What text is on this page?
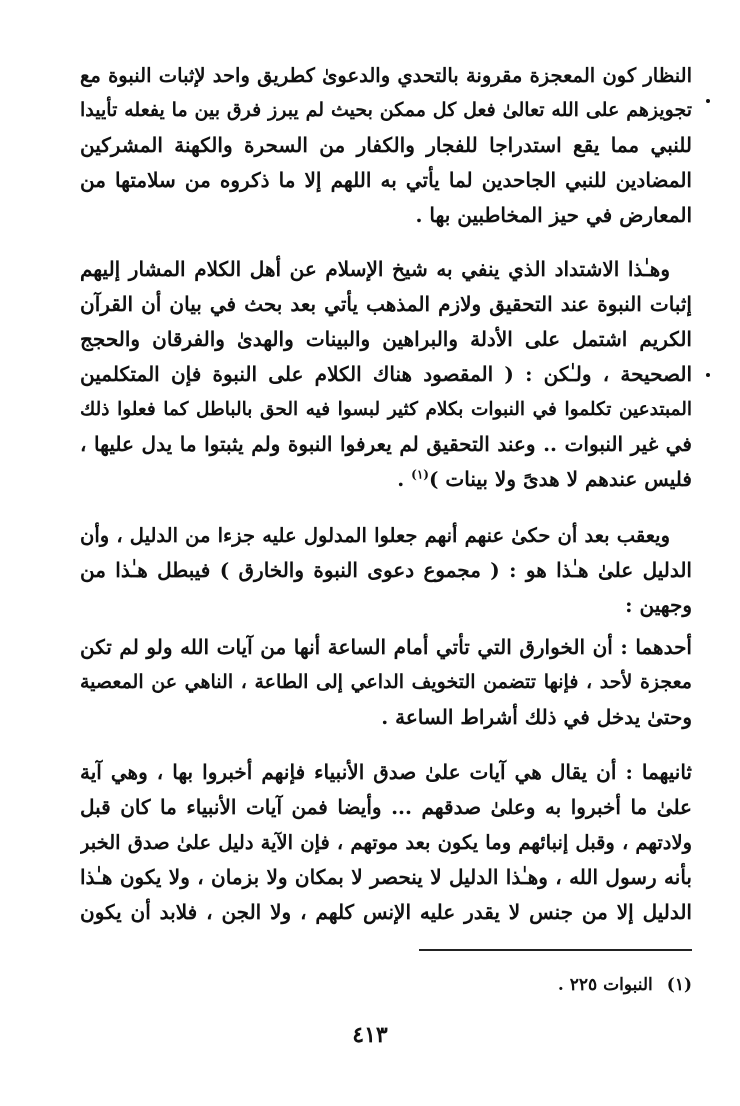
النظار كون المعجزة مقرونة بالتحدي والدعوىٰ كطريق واحد لإثبات النبوة مع
تجويزهم على الله تعالىٰ فعل كل ممكن بحيث لم يبرز فرق بين ما يفعله تأييدا
للنبي مما يقع استدراجا للفجار والكفار من السحرة والكهنة المشركين
المضادين للنبي الجاحدين لما يأتي به اللهم إلا ما ذكروه من سلامتها من
المعارض في حيز المخاطبين بها .
وهـٰذا الاشتداد الذي ينفي به شيخ الإسلام عن أهل الكلام المشار إليهم
إثبات النبوة عند التحقيق ولازم المذهب يأتي بعد بحث في بيان أن القرآن
الكريم اشتمل على الأدلة والبراهين والبينات والهدىٰ والفرقان والحجج
الصحيحة ، ولـٰكن : ( المقصود هناك الكلام على النبوة فإن المتكلمين
المبتدعين تكلموا في النبوات بكلام كثير لبسوا فيه الحق بالباطل كما فعلوا ذلك
في غير النبوات .. وعند التحقيق لم يعرفوا النبوة ولم يثبتوا ما يدل عليها ،
فليس عندهم لا هدىً ولا بينات )$^{(١)}$ .
ويعقب بعد أن حكىٰ عنهم أنهم جعلوا المدلول عليه جزءا من الدليل ، وأن
الدليل علىٰ هـٰذا هو : ( مجموع دعوى النبوة والخارق ) فيبطل هـٰذا من
وجهين :
أحدهما : أن الخوارق التي تأتي أمام الساعة أنها من آيات الله ولو لم تكن
معجزة لأحد ، فإنها تتضمن التخويف الداعي إلى الطاعة ، الناهي عن المعصية
وحتىٰ يدخل في ذلك أشراط الساعة .
ثانيهما : أن يقال هي آيات علىٰ صدق الأنبياء فإنهم أخبروا بها ، وهي آية
علىٰ ما أخبروا به وعلىٰ صدقهم ... وأيضا فمن آيات الأنبياء ما كان قبل
ولادتهم ، وقبل إنبائهم وما يكون بعد موتهم ، فإن الآية دليل علىٰ صدق الخبر
بأنه رسول الله ، وهـٰذا الدليل لا ينحصر لا بمكان ولا بزمان ، ولا يكون هـٰذا
الدليل إلا من جنس لا يقدر عليه الإنس كلهم ، ولا الجن ، فلابد أن يكون
(١)النبوات ٢٢٥ .
٤١٣
